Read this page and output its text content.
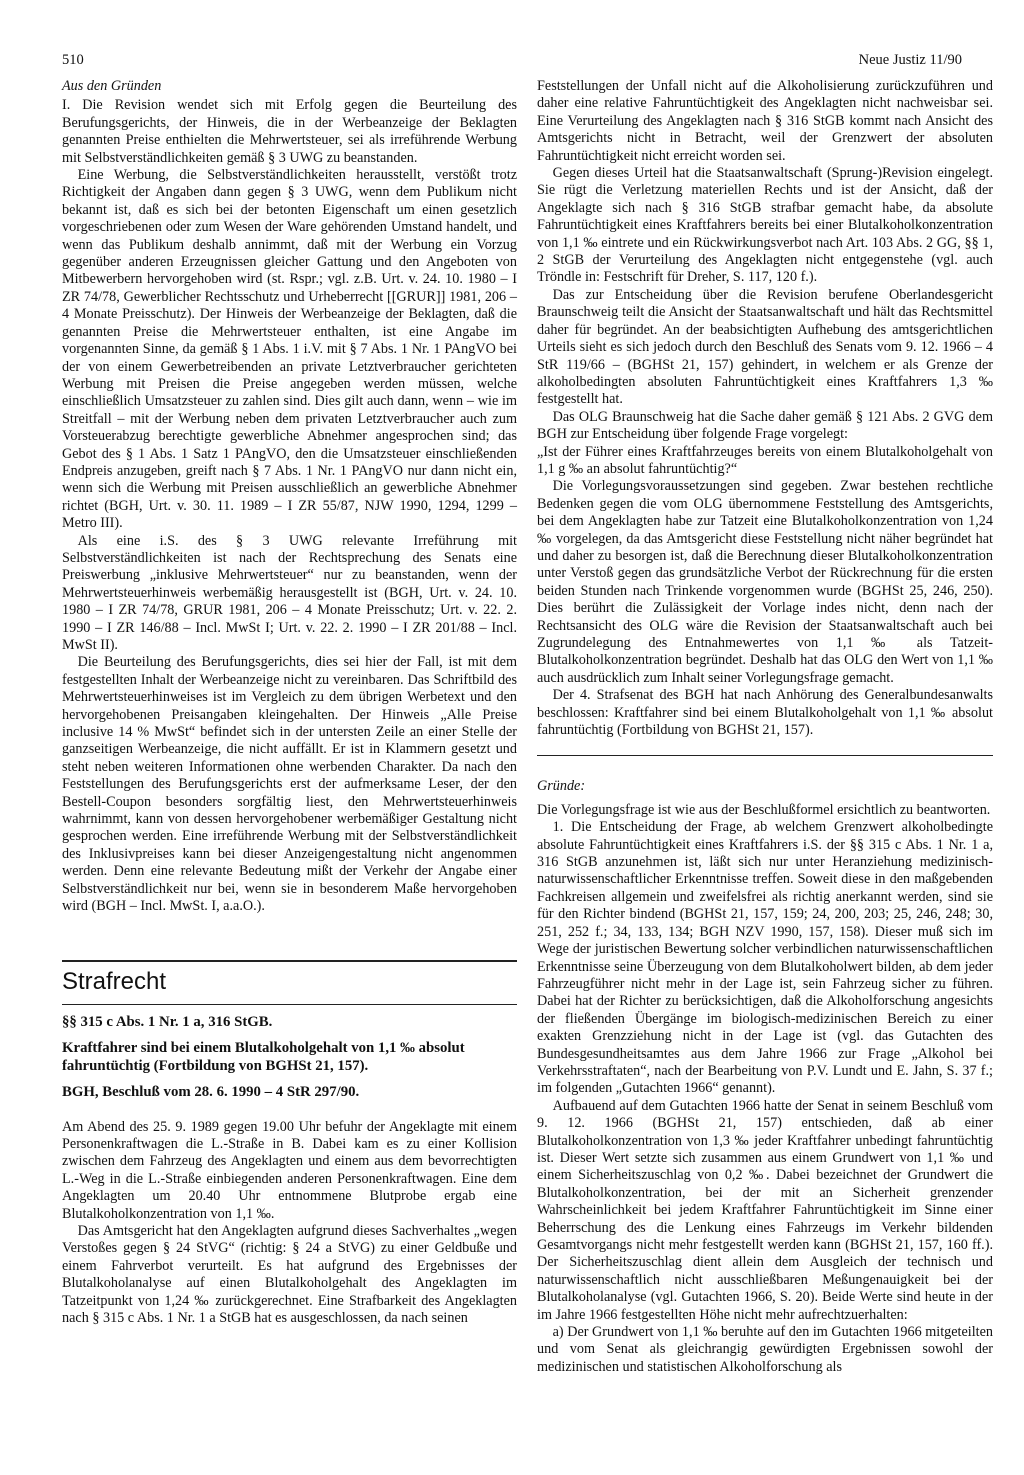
510	Neue Justiz 11/90

Aus den Gründen

I. Die Revision wendet sich mit Erfolg gegen die Beurteilung des Berufungsgerichts, der Hinweis, die in der Werbeanzeige der Beklagten genannten Preise enthielten die Mehrwertsteuer, sei als irreführende Werbung mit Selbstverständlichkeiten gemäß § 3 UWG zu beanstanden.

Eine Werbung, die Selbstverständlichkeiten herausstellt, verstößt trotz Richtigkeit der Angaben dann gegen § 3 UWG, wenn dem Publikum nicht bekannt ist, daß es sich bei der betonten Eigenschaft um einen gesetzlich vorgeschriebenen oder zum Wesen der Ware gehörenden Umstand handelt, und wenn das Publikum deshalb annimmt, daß mit der Werbung ein Vorzug gegenüber anderen Erzeugnissen gleicher Gattung und den Angeboten von Mitbewerbern hervorgehoben wird (st. Rspr.; vgl. z.B. Urt. v. 24. 10. 1980 – I ZR 74/78, Gewerblicher Rechtsschutz und Urheberrecht [[GRUR]] 1981, 206 – 4 Monate Preisschutz). Der Hinweis der Werbeanzeige der Beklagten, daß die genannten Preise die Mehrwertsteuer enthalten, ist eine Angabe im vorgenannten Sinne, da gemäß § 1 Abs. 1 i.V. mit § 7 Abs. 1 Nr. 1 PAngVO bei der von einem Gewerbetreibenden an private Letztverbraucher gerichteten Werbung mit Preisen die Preise angegeben werden müssen, welche einschließlich Umsatzsteuer zu zahlen sind. Dies gilt auch dann, wenn – wie im Streitfall – mit der Werbung neben dem privaten Letztverbraucher auch zum Vorsteuerabzug berechtigte gewerbliche Abnehmer angesprochen sind; das Gebot des § 1 Abs. 1 Satz 1 PAngVO, den die Umsatzsteuer einschließenden Endpreis anzugeben, greift nach § 7 Abs. 1 Nr. 1 PAngVO nur dann nicht ein, wenn sich die Werbung mit Preisen ausschließlich an gewerbliche Abnehmer richtet (BGH, Urt. v. 30. 11. 1989 – I ZR 55/87, NJW 1990, 1294, 1299 – Metro III).

Als eine i.S. des § 3 UWG relevante Irreführung mit Selbstverständlichkeiten ist nach der Rechtsprechung des Senats eine Preiswerbung „inklusive Mehrwertsteuer“ nur zu beanstanden, wenn der Mehrwertsteuerhinweis werbemäßig herausgestellt ist (BGH, Urt. v. 24. 10. 1980 – I ZR 74/78, GRUR 1981, 206 – 4 Monate Preisschutz; Urt. v. 22. 2. 1990 – I ZR 146/88 – Incl. MwSt I; Urt. v. 22. 2. 1990 – I ZR 201/88 – Incl. MwSt II).

Die Beurteilung des Berufungsgerichts, dies sei hier der Fall, ist mit dem festgestellten Inhalt der Werbeanzeige nicht zu vereinbaren. Das Schriftbild des Mehrwertsteuerhinweises ist im Vergleich zu dem übrigen Werbetext und den hervorgehobenen Preisangaben kleingehalten. Der Hinweis „Alle Preise inclusive 14 % MwSt“ befindet sich in der untersten Zeile an einer Stelle der ganzseitigen Werbeanzeige, die nicht auffällt. Er ist in Klammern gesetzt und steht neben weiteren Informationen ohne werbenden Charakter. Da nach den Feststellungen des Berufungsgerichts erst der aufmerksame Leser, der den Bestell-Coupon besonders sorgfältig liest, den Mehrwertsteuerhinweis wahrnimmt, kann von dessen hervorgehobener werbemäßiger Gestaltung nicht gesprochen werden. Eine irreführende Werbung mit der Selbstverständlichkeit des Inklusivpreises kann bei dieser Anzeigengestaltung nicht angenommen werden. Denn eine relevante Bedeutung mißt der Verkehr der Angabe einer Selbstverständlichkeit nur bei, wenn sie in besonderem Maße hervorgehoben wird (BGH – Incl. MwSt. I, a.a.O.).

Strafrecht

§§ 315 c Abs. 1 Nr. 1 a, 316 StGB.

Kraftfahrer sind bei einem Blutalkoholgehalt von 1,1 ‰ absolut fahruntüchtig (Fortbildung von BGHSt 21, 157).

BGH, Beschluß vom 28. 6. 1990 – 4 StR 297/90.

Am Abend des 25. 9. 1989 gegen 19.00 Uhr befuhr der Angeklagte mit einem Personenkraftwagen die L.-Straße in B. Dabei kam es zu einer Kollision zwischen dem Fahrzeug des Angeklagten und einem aus dem bevorrechtigten L.-Weg in die L.-Straße einbiegenden anderen Personenkraftwagen. Eine dem Angeklagten um 20.40 Uhr entnommene Blutprobe ergab eine Blutalkoholkonzentration von 1,1 ‰.

Das Amtsgericht hat den Angeklagten aufgrund dieses Sachverhaltes „wegen Verstoßes gegen § 24 StVG“ (richtig: § 24 a StVG) zu einer Geldbuße und einem Fahrverbot verurteilt. Es hat aufgrund des Ergebnisses der Blutalkoholanalyse auf einen Blutalkoholgehalt des Angeklagten im Tatzeitpunkt von 1,24 ‰ zurückgerechnet. Eine Strafbarkeit des Angeklagten nach § 315 c Abs. 1 Nr. 1 a StGB hat es ausgeschlossen, da nach seinen

Feststellungen der Unfall nicht auf die Alkoholisierung zurückzuführen und daher eine relative Fahruntüchtigkeit des Angeklagten nicht nachweisbar sei. Eine Verurteilung des Angeklagten nach § 316 StGB kommt nach Ansicht des Amtsgerichts nicht in Betracht, weil der Grenzwert der absoluten Fahruntüchtigkeit nicht erreicht worden sei.

Gegen dieses Urteil hat die Staatsanwaltschaft (Sprung-)Revision eingelegt. Sie rügt die Verletzung materiellen Rechts und ist der Ansicht, daß der Angeklagte sich nach § 316 StGB strafbar gemacht habe, da absolute Fahruntüchtigkeit eines Kraftfahrers bereits bei einer Blutalkoholkonzentration von 1,1 ‰ eintrete und ein Rückwirkungsverbot nach Art. 103 Abs. 2 GG, §§ 1, 2 StGB der Verurteilung des Angeklagten nicht entgegenstehe (vgl. auch Tröndle in: Festschrift für Dreher, S. 117, 120 f.).

Das zur Entscheidung über die Revision berufene Oberlandesgericht Braunschweig teilt die Ansicht der Staatsanwaltschaft und hält das Rechtsmittel daher für begründet. An der beabsichtigten Aufhebung des amtsgerichtlichen Urteils sieht es sich jedoch durch den Beschluß des Senats vom 9. 12. 1966 – 4 StR 119/66 – (BGHSt 21, 157) gehindert, in welchem er als Grenze der alkoholbedingten absoluten Fahruntüchtigkeit eines Kraftfahrers 1,3 ‰ festgestellt hat.

Das OLG Braunschweig hat die Sache daher gemäß § 121 Abs. 2 GVG dem BGH zur Entscheidung über folgende Frage vorgelegt:

„Ist der Führer eines Kraftfahrzeuges bereits von einem Blutalkoholgehalt von 1,1 g ‰ an absolut fahruntüchtig?“

Die Vorlegungsvoraussetzungen sind gegeben. Zwar bestehen rechtliche Bedenken gegen die vom OLG übernommene Feststellung des Amtsgerichts, bei dem Angeklagten habe zur Tatzeit eine Blutalkoholkonzentration von 1,24 ‰ vorgelegen, da das Amtsgericht diese Feststellung nicht näher begründet hat und daher zu besorgen ist, daß die Berechnung dieser Blutalkoholkonzentration unter Verstoß gegen das grundsätzliche Verbot der Rückrechnung für die ersten beiden Stunden nach Trinkende vorgenommen wurde (BGHSt 25, 246, 250). Dies berührt die Zulässigkeit der Vorlage indes nicht, denn nach der Rechtsansicht des OLG wäre die Revision der Staatsanwaltschaft auch bei Zugrundelegung des Entnahmewertes von 1,1 ‰ als Tatzeit-Blutalkoholkonzentration begründet. Deshalb hat das OLG den Wert von 1,1 ‰ auch ausdrücklich zum Inhalt seiner Vorlegungsfrage gemacht.

Der 4. Strafsenat des BGH hat nach Anhörung des Generalbundesanwalts beschlossen: Kraftfahrer sind bei einem Blutalkoholgehalt von 1,1 ‰ absolut fahruntüchtig (Fortbildung von BGHSt 21, 157).

Gründe:

Die Vorlegungsfrage ist wie aus der Beschlußformel ersichtlich zu beantworten.

1. Die Entscheidung der Frage, ab welchem Grenzwert alkoholbedingte absolute Fahruntüchtigkeit eines Kraftfahrers i.S. der §§ 315 c Abs. 1 Nr. 1 a, 316 StGB anzunehmen ist, läßt sich nur unter Heranziehung medizinisch-naturwissenschaftlicher Erkenntnisse treffen. Soweit diese in den maßgebenden Fachkreisen allgemein und zweifelsfrei als richtig anerkannt werden, sind sie für den Richter bindend (BGHSt 21, 157, 159; 24, 200, 203; 25, 246, 248; 30, 251, 252 f.; 34, 133, 134; BGH NZV 1990, 157, 158). Dieser muß sich im Wege der juristischen Bewertung solcher verbindlichen naturwissenschaftlichen Erkenntnisse seine Überzeugung von dem Blutalkoholwert bilden, ab dem jeder Fahrzeugführer nicht mehr in der Lage ist, sein Fahrzeug sicher zu führen. Dabei hat der Richter zu berücksichtigen, daß die Alkoholforschung angesichts der fließenden Übergänge im biologisch-medizinischen Bereich zu einer exakten Grenzziehung nicht in der Lage ist (vgl. das Gutachten des Bundesgesundheitsamtes aus dem Jahre 1966 zur Frage „Alkohol bei Verkehrsstraftaten“, nach der Bearbeitung von P.V. Lundt und E. Jahn, S. 37 f.; im folgenden „Gutachten 1966“ genannt).

Aufbauend auf dem Gutachten 1966 hatte der Senat in seinem Beschluß vom 9. 12. 1966 (BGHSt 21, 157) entschieden, daß ab einer Blutalkoholkonzentration von 1,3 ‰ jeder Kraftfahrer unbedingt fahruntüchtig ist. Dieser Wert setzte sich zusammen aus einem Grundwert von 1,1 ‰ und einem Sicherheitszuschlag von 0,2 ‰. Dabei bezeichnet der Grundwert die Blutalkoholkonzentration, bei der mit an Sicherheit grenzender Wahrscheinlichkeit bei jedem Kraftfahrer Fahruntüchtigkeit im Sinne einer Beherrschung des die Lenkung eines Fahrzeugs im Verkehr bildenden Gesamtvorgangs nicht mehr festgestellt werden kann (BGHSt 21, 157, 160 ff.). Der Sicherheitszuschlag dient allein dem Ausgleich der technisch und naturwissenschaftlich nicht ausschließbaren Meßungenauigkeit bei der Blutalkoholanalyse (vgl. Gutachten 1966, S. 20). Beide Werte sind heute in der im Jahre 1966 festgestellten Höhe nicht mehr aufrechtzuerhalten:

a) Der Grundwert von 1,1 ‰ beruhte auf den im Gutachten 1966 mitgeteilten und vom Senat als gleichrangig gewürdigten Ergebnissen sowohl der medizinischen und statistischen Alkoholforschung als
